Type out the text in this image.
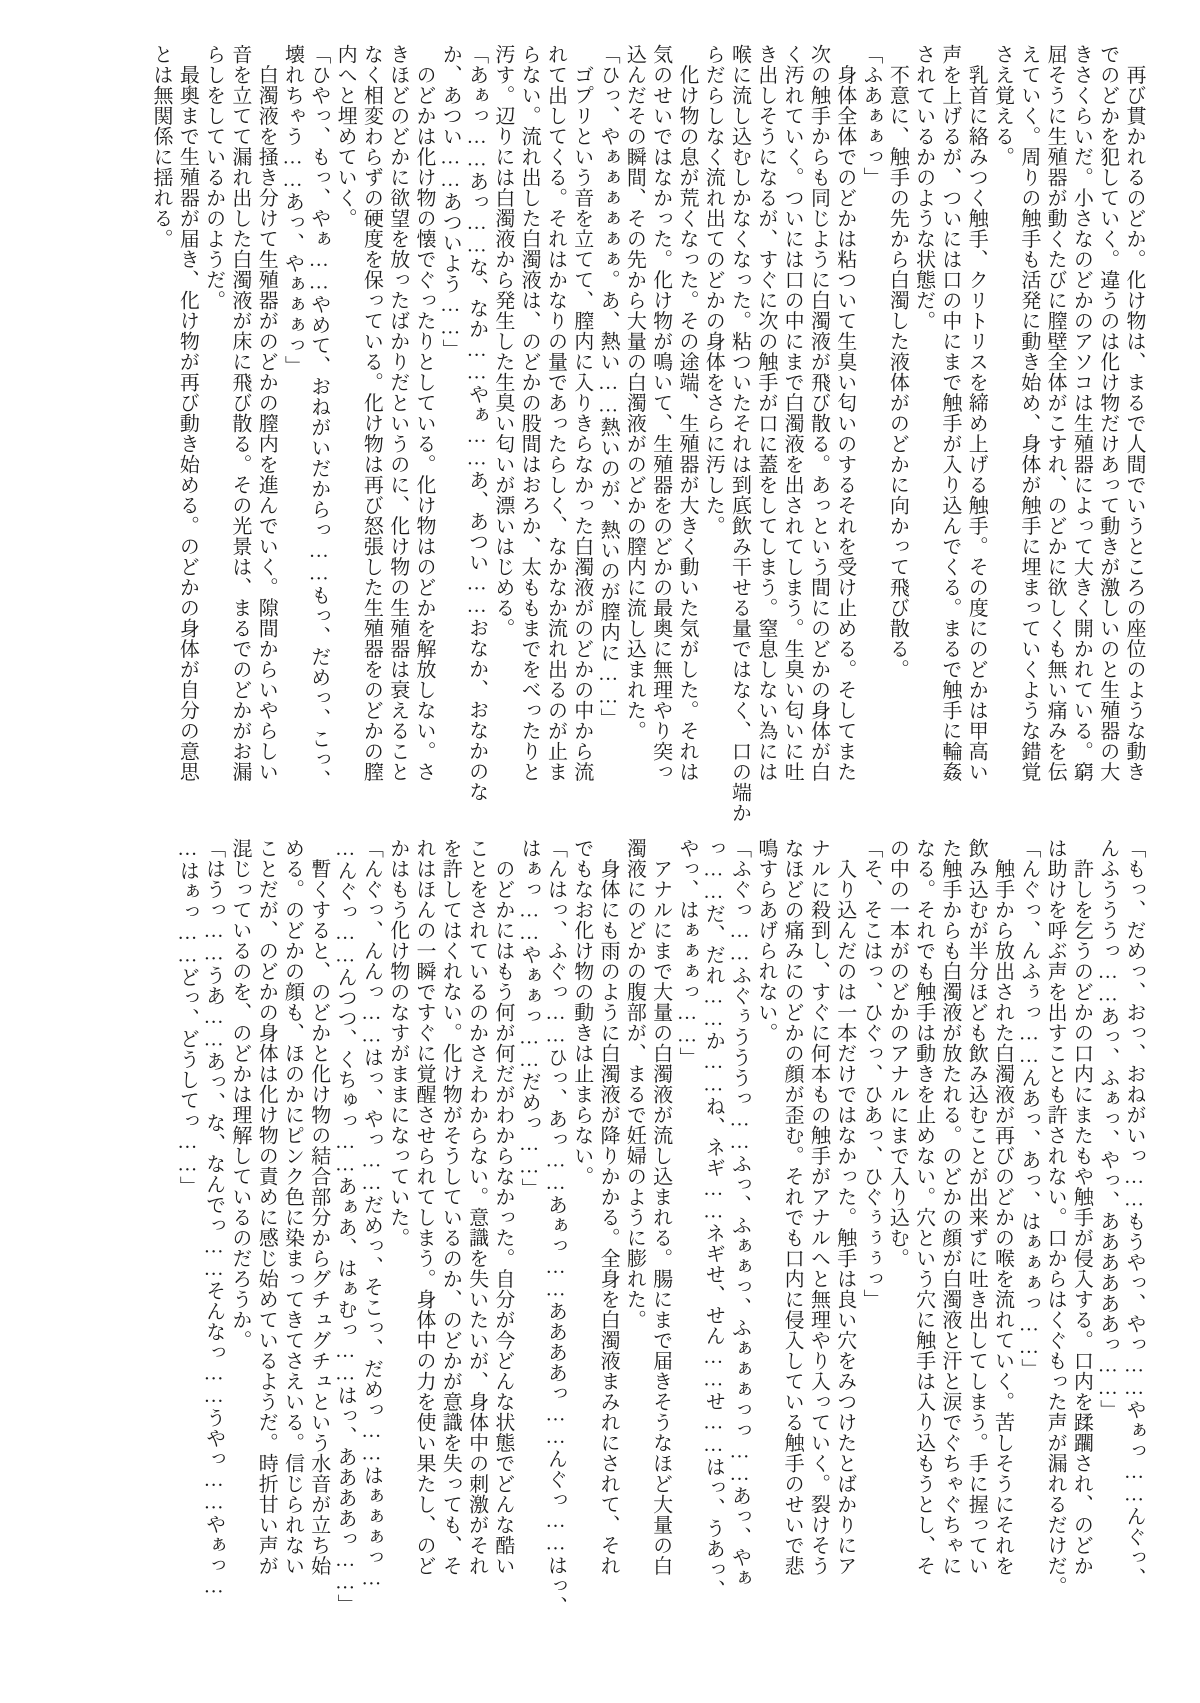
　再び貫かれるのどか。化け物は、まるで人間でいうところの座位のような動き

でのどかを犯していく。違うのは化け物だけあって動きが激しいのと生殖器の大

きさくらいだ。小さなのどかのアソコは生殖器によって大きく開かれている。窮

屈そうに生殖器が動くたびに膣壁全体がこすれ、のどかに欲しくも無い痛みを伝

えていく。周りの触手も活発に動き始め、身体が触手に埋まっていくような錯覚

さえ覚える。

　乳首に絡みつく触手、クリトリスを締め上げる触手。その度にのどかは甲高い

声を上げるが、ついには口の中にまで触手が入り込んでくる。まるで触手に輪姦

されているかのような状態だ。

　不意に、触手の先から白濁した液体がのどかに向かって飛び散る。

「ふあぁぁっ」

　身体全体でのどかは粘ついて生臭い匂いのするそれを受け止める。そしてまた

次の触手からも同じように白濁液が飛び散る。あっという間にのどかの身体が白

く汚れていく。ついには口の中にまで白濁液を出されてしまう。生臭い匂いに吐

き出しそうになるが、すぐに次の触手が口に蓋をしてしまう。窒息しない為には

喉に流し込むしかなくなった。粘ついたそれは到底飲み干せる量ではなく、口の端か

らだらしなく流れ出てのどかの身体をさらに汚した。

　化け物の息が荒くなった。その途端、生殖器が大きく動いた気がした。それは

気のせいではなかった。化け物が鳴いて、生殖器をのどかの最奥に無理やり突っ

込んだその瞬間、その先から大量の白濁液がのどかの膣内に流し込まれた。

「ひっ、やぁぁぁぁぁぁ。あ、熱い……熱いのが、熱いのが膣内に……」

　ゴプリという音を立てて、膣内に入りきらなかった白濁液がのどかの中から流

れて出してくる。それはかなりの量であったらしく、なかなか流れ出るのが止ま

らない。流れ出した白濁液は、のどかの股間はおろか、太ももまでをべったりと

汚す。辺りには白濁液から発生した生臭い匂いが漂いはじめる。

「あぁっ……あっ……な、なか……やぁ……あ、あつい……おなか、おなかのな

か、あつい……あついよう……」

　のどかは化け物の懐でぐったりとしている。化け物はのどかを解放しない。さ

きほどのどかに欲望を放ったばかりだというのに、化け物の生殖器は衰えること

なく相変わらずの硬度を保っている。化け物は再び怒張した生殖器をのどかの膣

内へと埋めていく。

「ひやっ、もっ、やぁ……やめて、おねがいだからっ……もっ、だめっ、こっ、

壊れちゃう……あっ、やぁぁぁっ」

　白濁液を掻き分けて生殖器がのどかの膣内を進んでいく。隙間からいやらしい

音を立てて漏れ出した白濁液が床に飛び散る。その光景は、まるでのどかがお漏

らしをしているかのようだ。

　最奥まで生殖器が届き、化け物が再び動き始める。のどかの身体が自分の意思

とは無関係に揺れる。

「もっ、だめっ、おっ、おねがいっ……もうやっ、やっ……やぁっ……んぐっ、

んふうううっ……あっ、ふぁっ、やっ、ああああああっ……」

　許しを乞うのどかの口内にまたもや触手が侵入する。口内を蹂躙され、のどか

は助けを呼ぶ声を出すことも許されない。口からはくぐもった声が漏れるだけだ。

「んぐっ、んふぅっ……んあっ、あっ、はぁぁぁっ……」

　触手から放出された白濁液が再びのどかの喉を流れていく。苦しそうにそれを

飲み込むが半分ほども飲み込むことが出来ずに吐き出してしまう。手に握ってい

た触手からも白濁液が放たれる。のどかの顔が白濁液と汗と涙でぐちゃぐちゃに

なる。それでも触手は動きを止めない。穴という穴に触手は入り込もうとし、そ

の中の一本がのどかのアナルにまで入り込む。

「そ、そこはっ、ひぐっ、ひあっ、ひぐぅぅぅっ」

　入り込んだのは一本だけではなかった。触手は良い穴をみつけたとばかりにア

ナルに殺到し、すぐに何本もの触手がアナルへと無理やり入っていく。裂けそう

なほどの痛みにのどかの顔が歪む。それでも口内に侵入している触手のせいで悲

鳴すらあげられない。

「ふぐっ……ふぐぅうううっ……ふっ、ふぁぁっ、ふぁぁぁっっ……あっ、やぁ

っ……だ、だれ……か……ね、ネギ……ネギせ、せん……せ……はっ、うあっ、

やっ、はぁぁぁっ……」

　アナルにまで大量の白濁液が流し込まれる。腸にまで届きそうなほど大量の白

濁液にのどかの腹部が、まるで妊婦のように膨れた。

　身体にも雨のように白濁液が降りかかる。全身を白濁液まみれにされて、それ

でもなお化け物の動きは止まらない。

「んはっ、ふぐっ……ひっ、あっ……あぁっ……ああああっ……んぐっ……はっ、

はぁっ……やぁぁっ……だめっ……」

　のどかにはもう何が何だがわからなかった。自分が今どんな状態でどんな酷い

ことをされているのかさえわからない。意識を失いたいが、身体中の刺激がそれ

を許してはくれない。化け物がそうしているのか、のどかが意識を失っても、そ

れはほんの一瞬ですぐに覚醒させられてしまう。身体中の力を使い果たし、のど

かはもう化け物のなすがままになっていた。

「んぐっ、んんっ……はっ、やっ……だめっ、そこっ、だめっ……はぁぁぁっ…

…んぐっ……んつつ、くちゅっ……あぁあ、はぁむっ……はっ、ああああっ……」

　暫くすると、のどかと化け物の結合部分からグチュグチュという水音が立ち始

める。のどかの顔も、ほのかにピンク色に染まってきてさえいる。信じられない

ことだが、のどかの身体は化け物の責めに感じ始めているようだ。時折甘い声が

混じっているのを、のどかは理解しているのだろうか。

「はうっ……うあ……あっ、な、なんでっ……そんなっ……うやっ……やぁっ…

…はぁっ……どっ、どうしてっ……」
